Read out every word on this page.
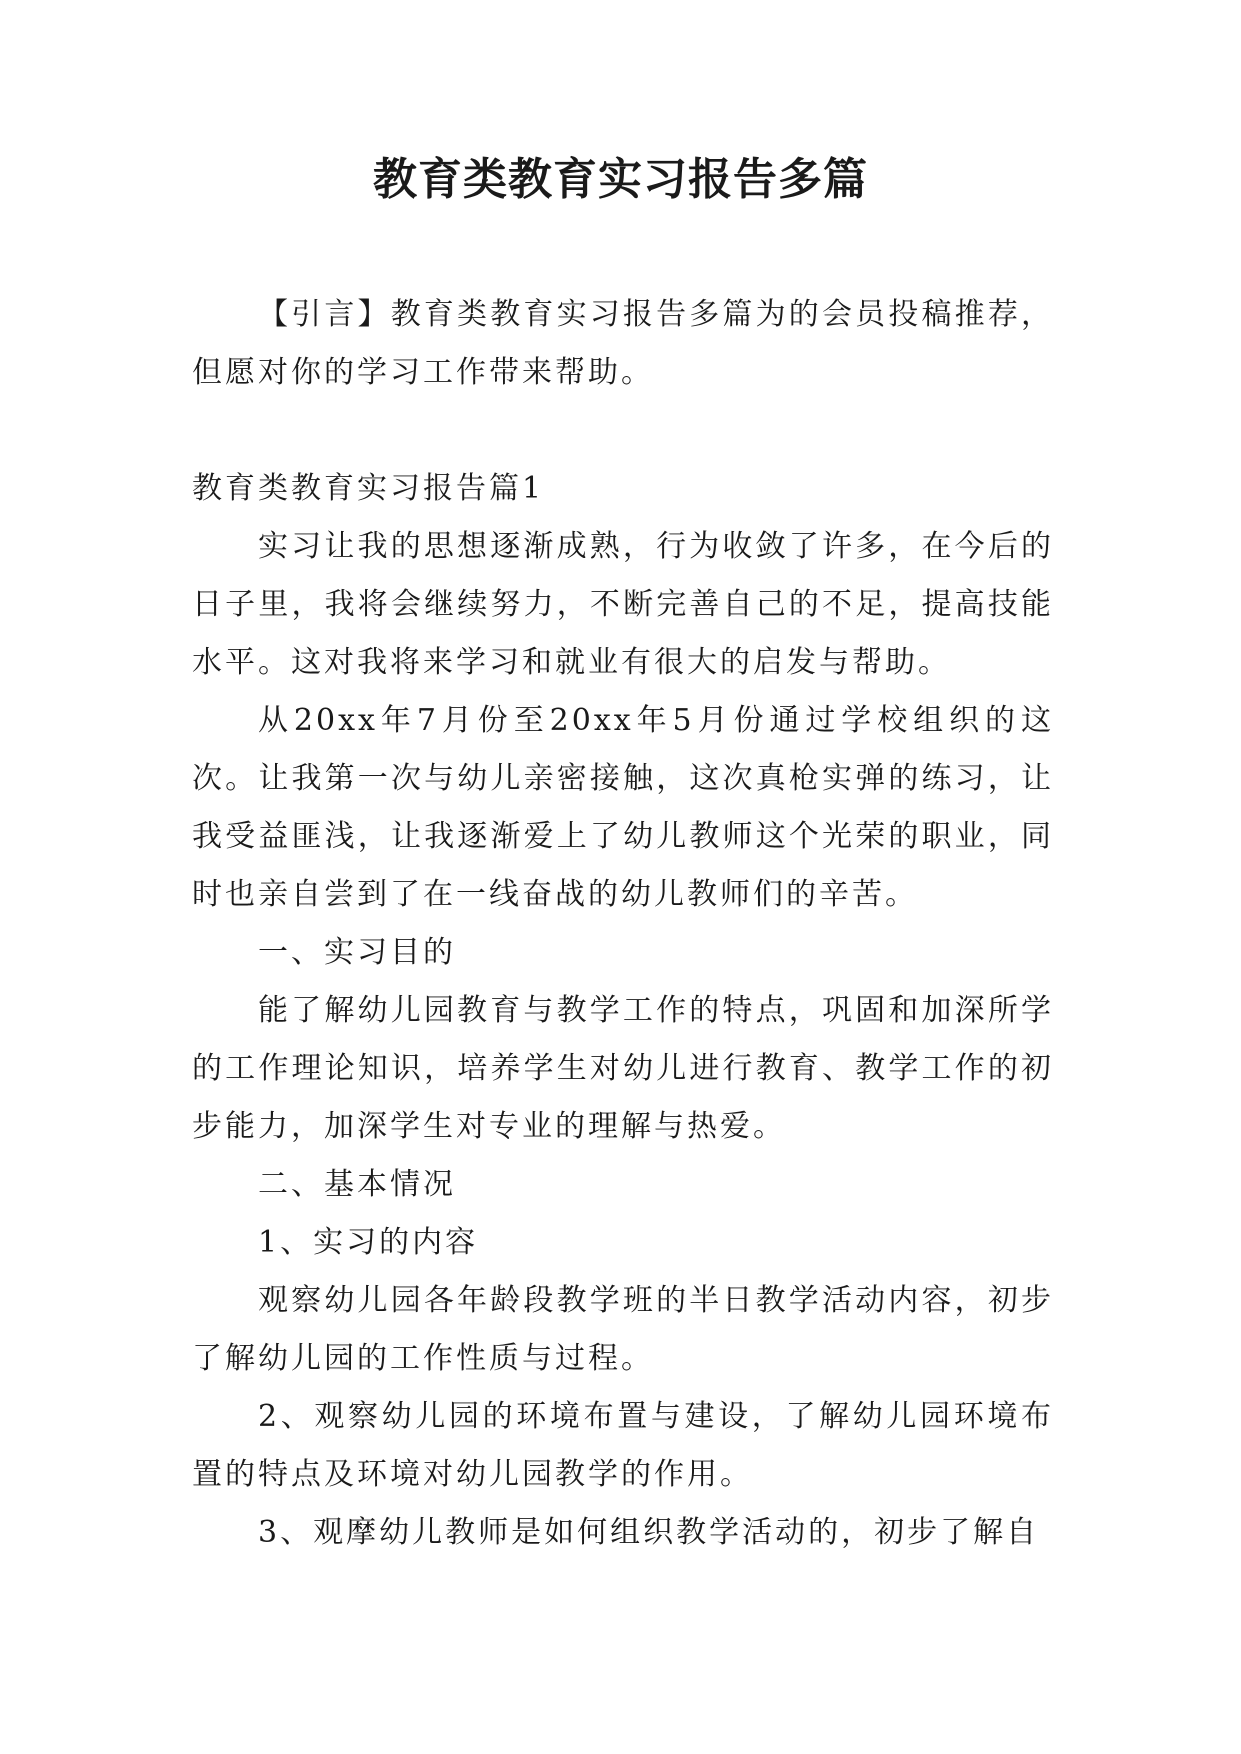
教育类教育实习报告多篇

【引言】教育类教育实习报告多篇为的会员投稿推荐，但愿对你的学习工作带来帮助。

教育类教育实习报告篇1

实习让我的思想逐渐成熟，行为收敛了许多，在今后的日子里，我将会继续努力，不断完善自己的不足，提高技能水平。这对我将来学习和就业有很大的启发与帮助。

从20xx年7月份至20xx年5月份通过学校组织的这次。让我第一次与幼儿亲密接触，这次真枪实弹的练习，让我受益匪浅，让我逐渐爱上了幼儿教师这个光荣的职业，同时也亲自尝到了在一线奋战的幼儿教师们的辛苦。

一、实习目的

能了解幼儿园教育与教学工作的特点，巩固和加深所学的工作理论知识，培养学生对幼儿进行教育、教学工作的初步能力，加深学生对专业的理解与热爱。

二、基本情况

1、实习的内容

观察幼儿园各年龄段教学班的半日教学活动内容，初步了解幼儿园的工作性质与过程。

2、观察幼儿园的环境布置与建设，了解幼儿园环境布置的特点及环境对幼儿园教学的作用。

3、观摩幼儿教师是如何组织教学活动的，初步了解自
